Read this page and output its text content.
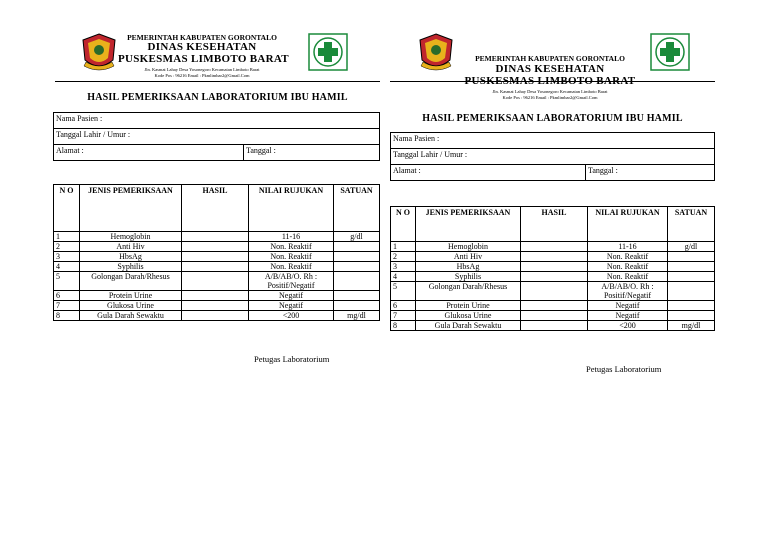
PEMERINTAH KABUPATEN GORONTALO
DINAS KESEHATAN
PUSKESMAS LIMBOTO BARAT
Jln. Kasmat Lahay Desa Yosonegoro Kecamatan Limboto Barat
Kode Pos : 96216 Email : Pkmlimbar2@Gmail.Com
HASIL PEMERIKSAAN LABORATORIUM IBU HAMIL
Nama Pasien :
Tanggal Lahir / Umur :
Alamat :	Tanggal :
N O	JENIS PEMERIKSAAN	HASIL	NILAI RUJUKAN	SATUAN
1	Hemoglobin		11-16	g/dl
2	Anti Hiv		Non. Reaktif	
3	HbsAg		Non. Reaktif	
4	Syphilis		Non. Reaktif	
5	Golongan Darah/Rhesus		A/B/AB/O. Rh : Positif/Negatif	
6	Protein Urine		Negatif	
7	Glukosa Urine		Negatif	
8	Gula Darah Sewaktu		<200	mg/dl
Petugas Laboratorium
PEMERINTAH KABUPATEN GORONTALO
DINAS KESEHATAN
PUSKESMAS LIMBOTO BARAT
Jln. Kasmat Lahay Desa Yosonegoro Kecamatan Limboto Barat
Kode Pos : 96216 Email : Pkmlimbar2@Gmail.Com
HASIL PEMERIKSAAN LABORATORIUM IBU HAMIL
Nama Pasien :
Tanggal Lahir / Umur :
Alamat :	Tanggal :
N O	JENIS PEMERIKSAAN	HASIL	NILAI RUJUKAN	SATUAN
1	Hemoglobin		11-16	g/dl
2	Anti Hiv		Non. Reaktif	
3	HbsAg		Non. Reaktif	
4	Syphilis		Non. Reaktif	
5	Golongan Darah/Rhesus		A/B/AB/O. Rh : Positif/Negatif	
6	Protein Urine		Negatif	
7	Glukosa Urine		Negatif	
8	Gula Darah Sewaktu		<200	mg/dl
Petugas Laboratorium
